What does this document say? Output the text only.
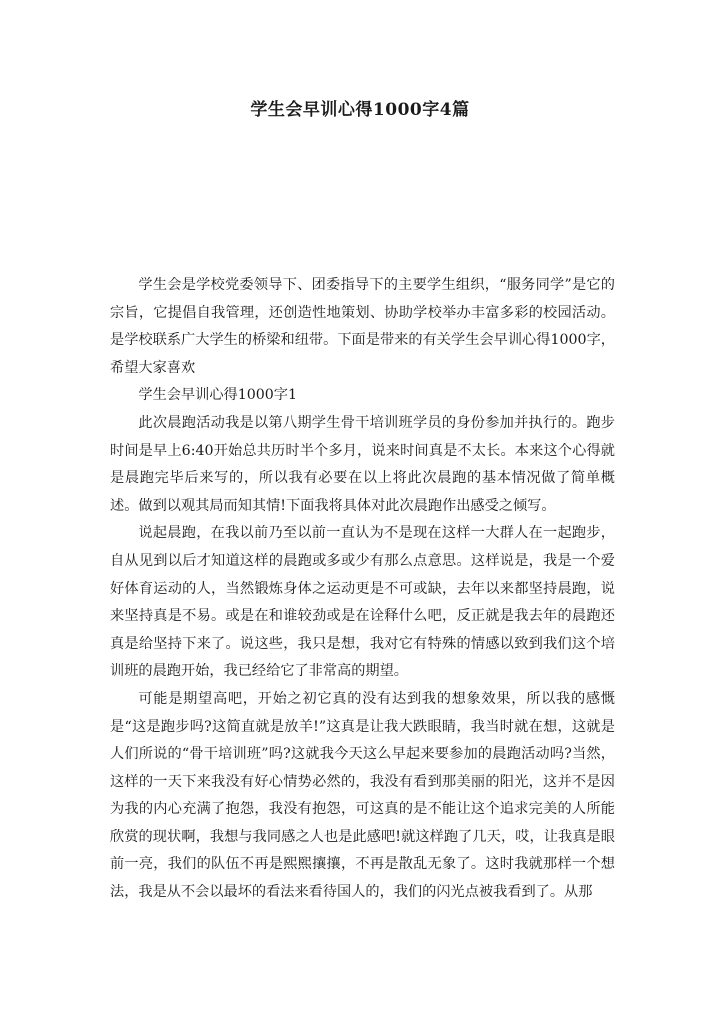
学生会早训心得1000字4篇

学生会是学校党委领导下、团委指导下的主要学生组织，“服务同学”是它的宗旨，它提倡自我管理，还创造性地策划、协助学校举办丰富多彩的校园活动。是学校联系广大学生的桥梁和纽带。下面是带来的有关学生会早训心得1000字，希望大家喜欢

学生会早训心得1000字1

此次晨跑活动我是以第八期学生骨干培训班学员的身份参加并执行的。跑步时间是早上6:40开始总共历时半个多月，说来时间真是不太长。本来这个心得就是晨跑完毕后来写的，所以我有必要在以上将此次晨跑的基本情况做了简单概述。做到以观其局而知其情!下面我将具体对此次晨跑作出感受之倾写。

说起晨跑，在我以前乃至以前一直认为不是现在这样一大群人在一起跑步，自从见到以后才知道这样的晨跑或多或少有那么点意思。这样说是，我是一个爱好体育运动的人，当然锻炼身体之运动更是不可或缺，去年以来都坚持晨跑，说来坚持真是不易。或是在和谁较劲或是在诠释什么吧，反正就是我去年的晨跑还真是给坚持下来了。说这些，我只是想，我对它有特殊的情感以致到我们这个培训班的晨跑开始，我已经给它了非常高的期望。

可能是期望高吧，开始之初它真的没有达到我的想象效果，所以我的感慨是“这是跑步吗?这简直就是放羊!”这真是让我大跌眼睛，我当时就在想，这就是人们所说的“骨干培训班”吗?这就我今天这么早起来要参加的晨跑活动吗?当然，这样的一天下来我没有好心情势必然的，我没有看到那美丽的阳光，这并不是因为我的内心充满了抱怨，我没有抱怨，可这真的是不能让这个追求完美的人所能欣赏的现状啊，我想与我同感之人也是此感吧!就这样跑了几天，哎，让我真是眼前一亮，我们的队伍不再是熙熙攘攘，不再是散乱无象了。这时我就那样一个想法，我是从不会以最坏的看法来看待国人的，我们的闪光点被我看到了。从那
